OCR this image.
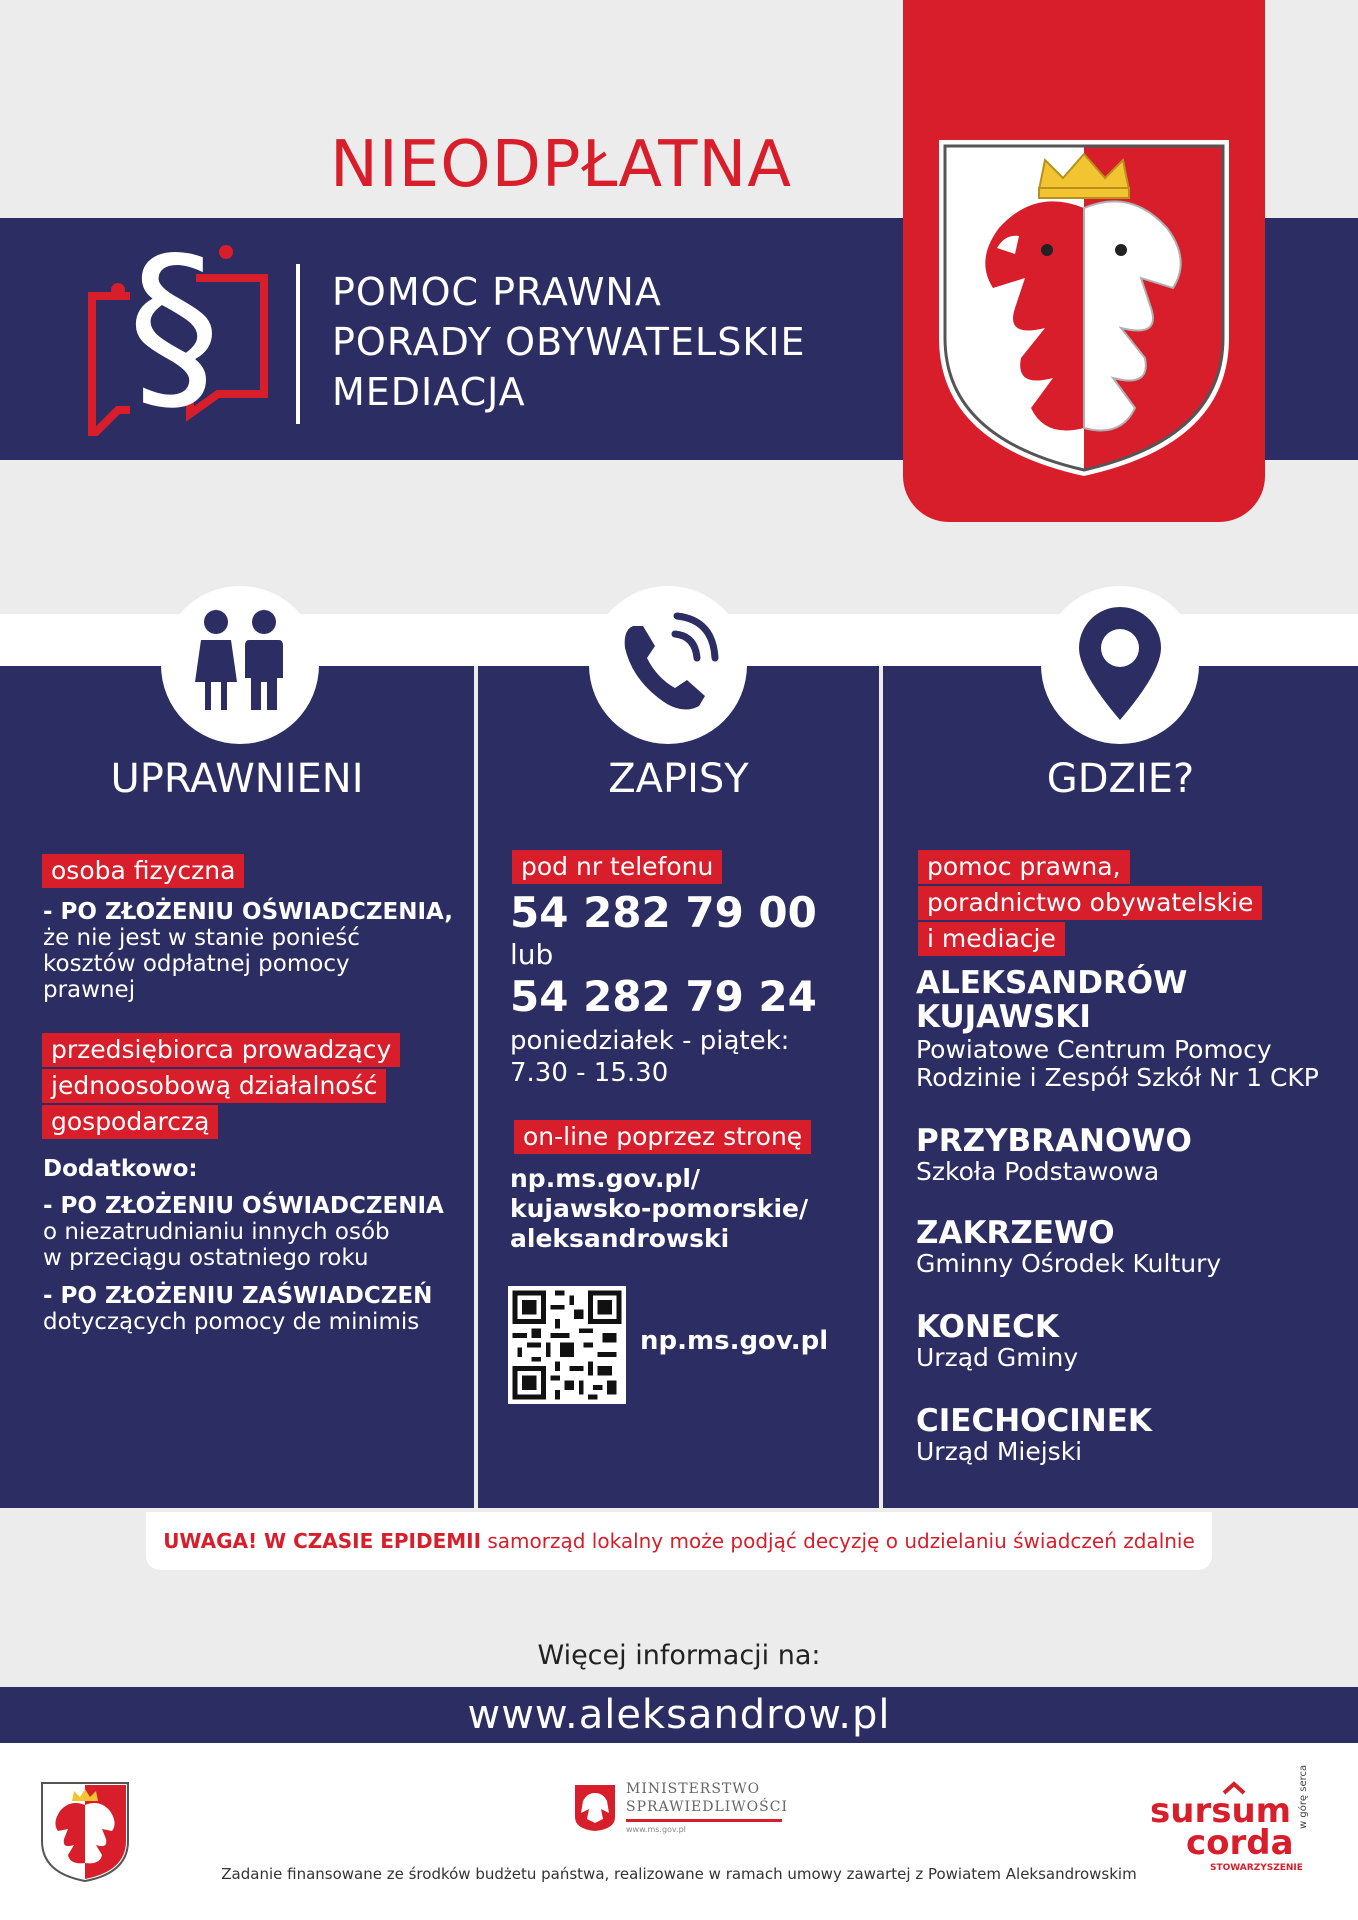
NIEODPŁATNA
§	POMOC PRAWNA
PORADY OBYWATELSKIE
MEDIACJA
UPRAWNIENI	ZAPISY	GDZIE?
osoba fizyczna
- PO ZŁOŻENIU OŚWIADCZENIA,
że nie jest w stanie ponieść
kosztów odpłatnej pomocy
prawnej
przedsiębiorca prowadzący
jednoosobową działalność
gospodarczą
Dodatkowo:
- PO ZŁOŻENIU OŚWIADCZENIA
o niezatrudnianiu innych osób
w przeciągu ostatniego roku
- PO ZŁOŻENIU ZAŚWIADCZEŃ
dotyczących pomocy de minimis
pod nr telefonu
54 282 79 00
lub
54 282 79 24
poniedziałek - piątek:
7.30 - 15.30
on-line poprzez stronę
np.ms.gov.pl/
kujawsko-pomorskie/
aleksandrowski
np.ms.gov.pl
pomoc prawna,
poradnictwo obywatelskie
i mediacje
ALEKSANDRÓW
KUJAWSKI
Powiatowe Centrum Pomocy
Rodzinie i Zespół Szkół Nr 1 CKP
PRZYBRANOWO
Szkoła Podstawowa
ZAKRZEWO
Gminny Ośrodek Kultury
KONECK
Urząd Gminy
CIECHOCINEK
Urząd Miejski
UWAGA! W CZASIE EPIDEMII samorząd lokalny może podjąć decyzję o udzielaniu świadczeń zdalnie
Więcej informacji na:
www.aleksandrow.pl
MINISTERSTWO
SPRAWIEDLIWOŚCI
www.ms.gov.pl	sursum
corda
STOWARZYSZENIE
w górę serca
Zadanie finansowane ze środków budżetu państwa, realizowane w ramach umowy zawartej z Powiatem Aleksandrowskim
